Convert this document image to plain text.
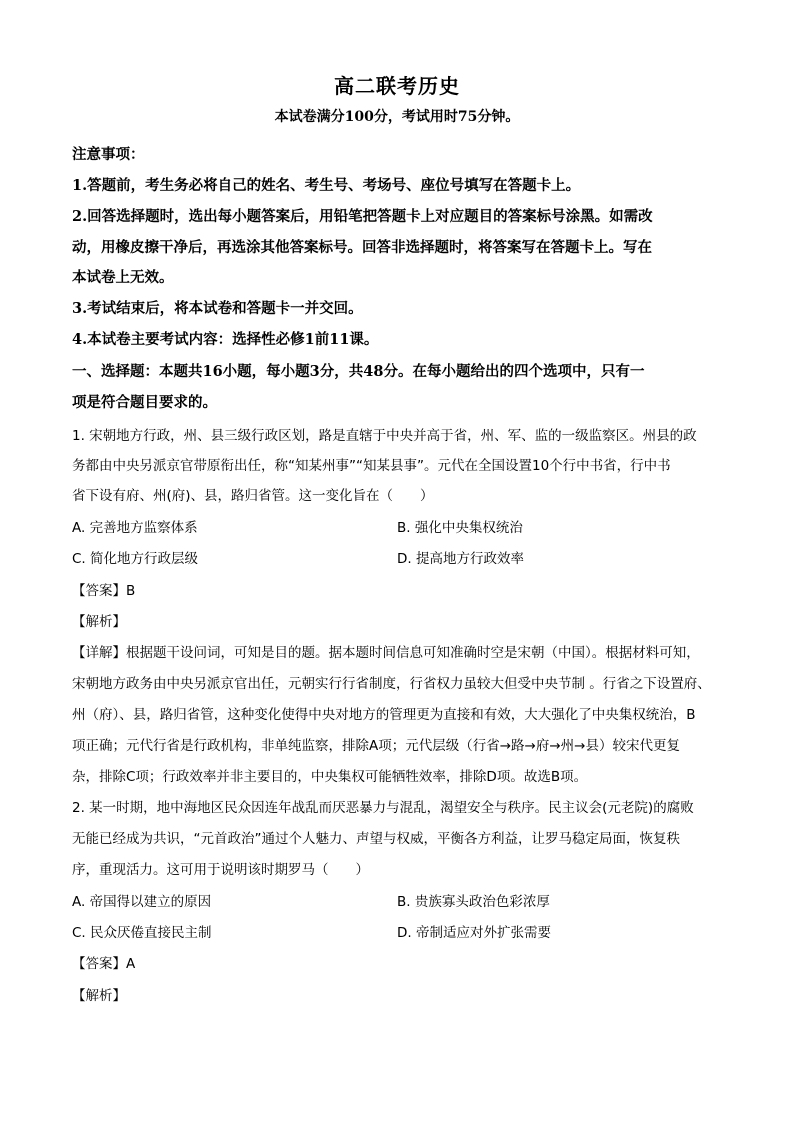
高二联考历史
本试卷满分100分，考试用时75分钟。
注意事项：
1.答题前，考生务必将自己的姓名、考生号、考场号、座位号填写在答题卡上。
2.回答选择题时，选出每小题答案后，用铅笔把答题卡上对应题目的答案标号涂黑。如需改
动，用橡皮擦干净后，再选涂其他答案标号。回答非选择题时，将答案写在答题卡上。写在
本试卷上无效。
3.考试结束后，将本试卷和答题卡一并交回。
4.本试卷主要考试内容：选择性必修1前11课。
一、选择题：本题共16小题，每小题3分，共48分。在每小题给出的四个选项中，只有一
项是符合题目要求的。
1. 宋朝地方行政，州、县三级行政区划，路是直辖于中央并高于省，州、军、监的一级监察区。州县的政
务都由中央另派京官带原衔出任，称“知某州事”“知某县事”。元代在全国设置10个行中书省，行中书
省下设有府、州(府)、县，路归省管。这一变化旨在（　　）
A. 完善地方监察体系	B. 强化中央集权统治
C. 简化地方行政层级	D. 提高地方行政效率
【答案】B
【解析】
【详解】根据题干设问词，可知是目的题。据本题时间信息可知准确时空是宋朝（中国）。根据材料可知，
宋朝地方政务由中央另派京官出任，元朝实行行省制度，行省权力虽较大但受中央节制 。行省之下设置府、
州（府）、县，路归省管，这种变化使得中央对地方的管理更为直接和有效，大大强化了中央集权统治，B
项正确；元代行省是行政机构，非单纯监察，排除A项；元代层级（行省→路→府→州→县）较宋代更复
杂，排除C项；行政效率并非主要目的，中央集权可能牺牲效率，排除D项。故选B项。
2. 某一时期，地中海地区民众因连年战乱而厌恶暴力与混乱，渴望安全与秩序。民主议会(元老院)的腐败
无能已经成为共识，“元首政治”通过个人魅力、声望与权威，平衡各方利益，让罗马稳定局面，恢复秩
序，重现活力。这可用于说明该时期罗马（　　）
A. 帝国得以建立的原因	B. 贵族寡头政治色彩浓厚
C. 民众厌倦直接民主制	D. 帝制适应对外扩张需要
【答案】A
【解析】
